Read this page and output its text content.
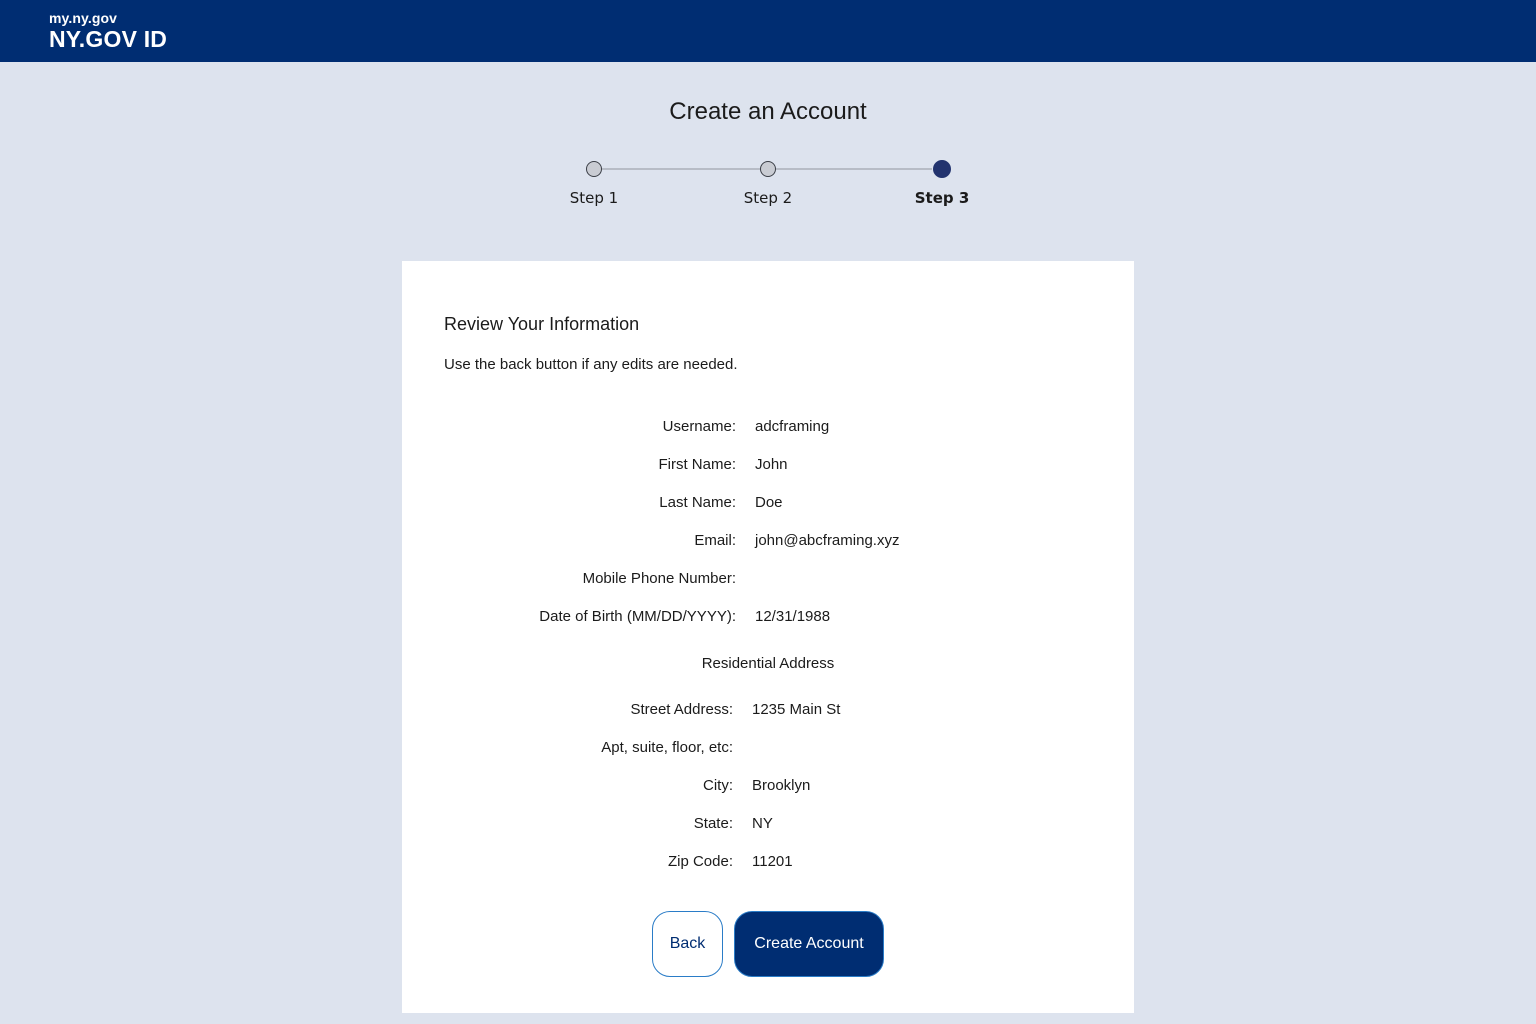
my.ny.gov
NY.GOV ID
Create an Account
Step 1	Step 2	Step 3
Review Your Information
Use the back button if any edits are needed.
Username: adcframing
First Name: John
Last Name: Doe
Email: john@abcframing.xyz
Mobile Phone Number:
Date of Birth (MM/DD/YYYY): 12/31/1988
Residential Address
Street Address: 1235 Main St
Apt, suite, floor, etc:
City: Brooklyn
State: NY
Zip Code: 11201
Back	Create Account
